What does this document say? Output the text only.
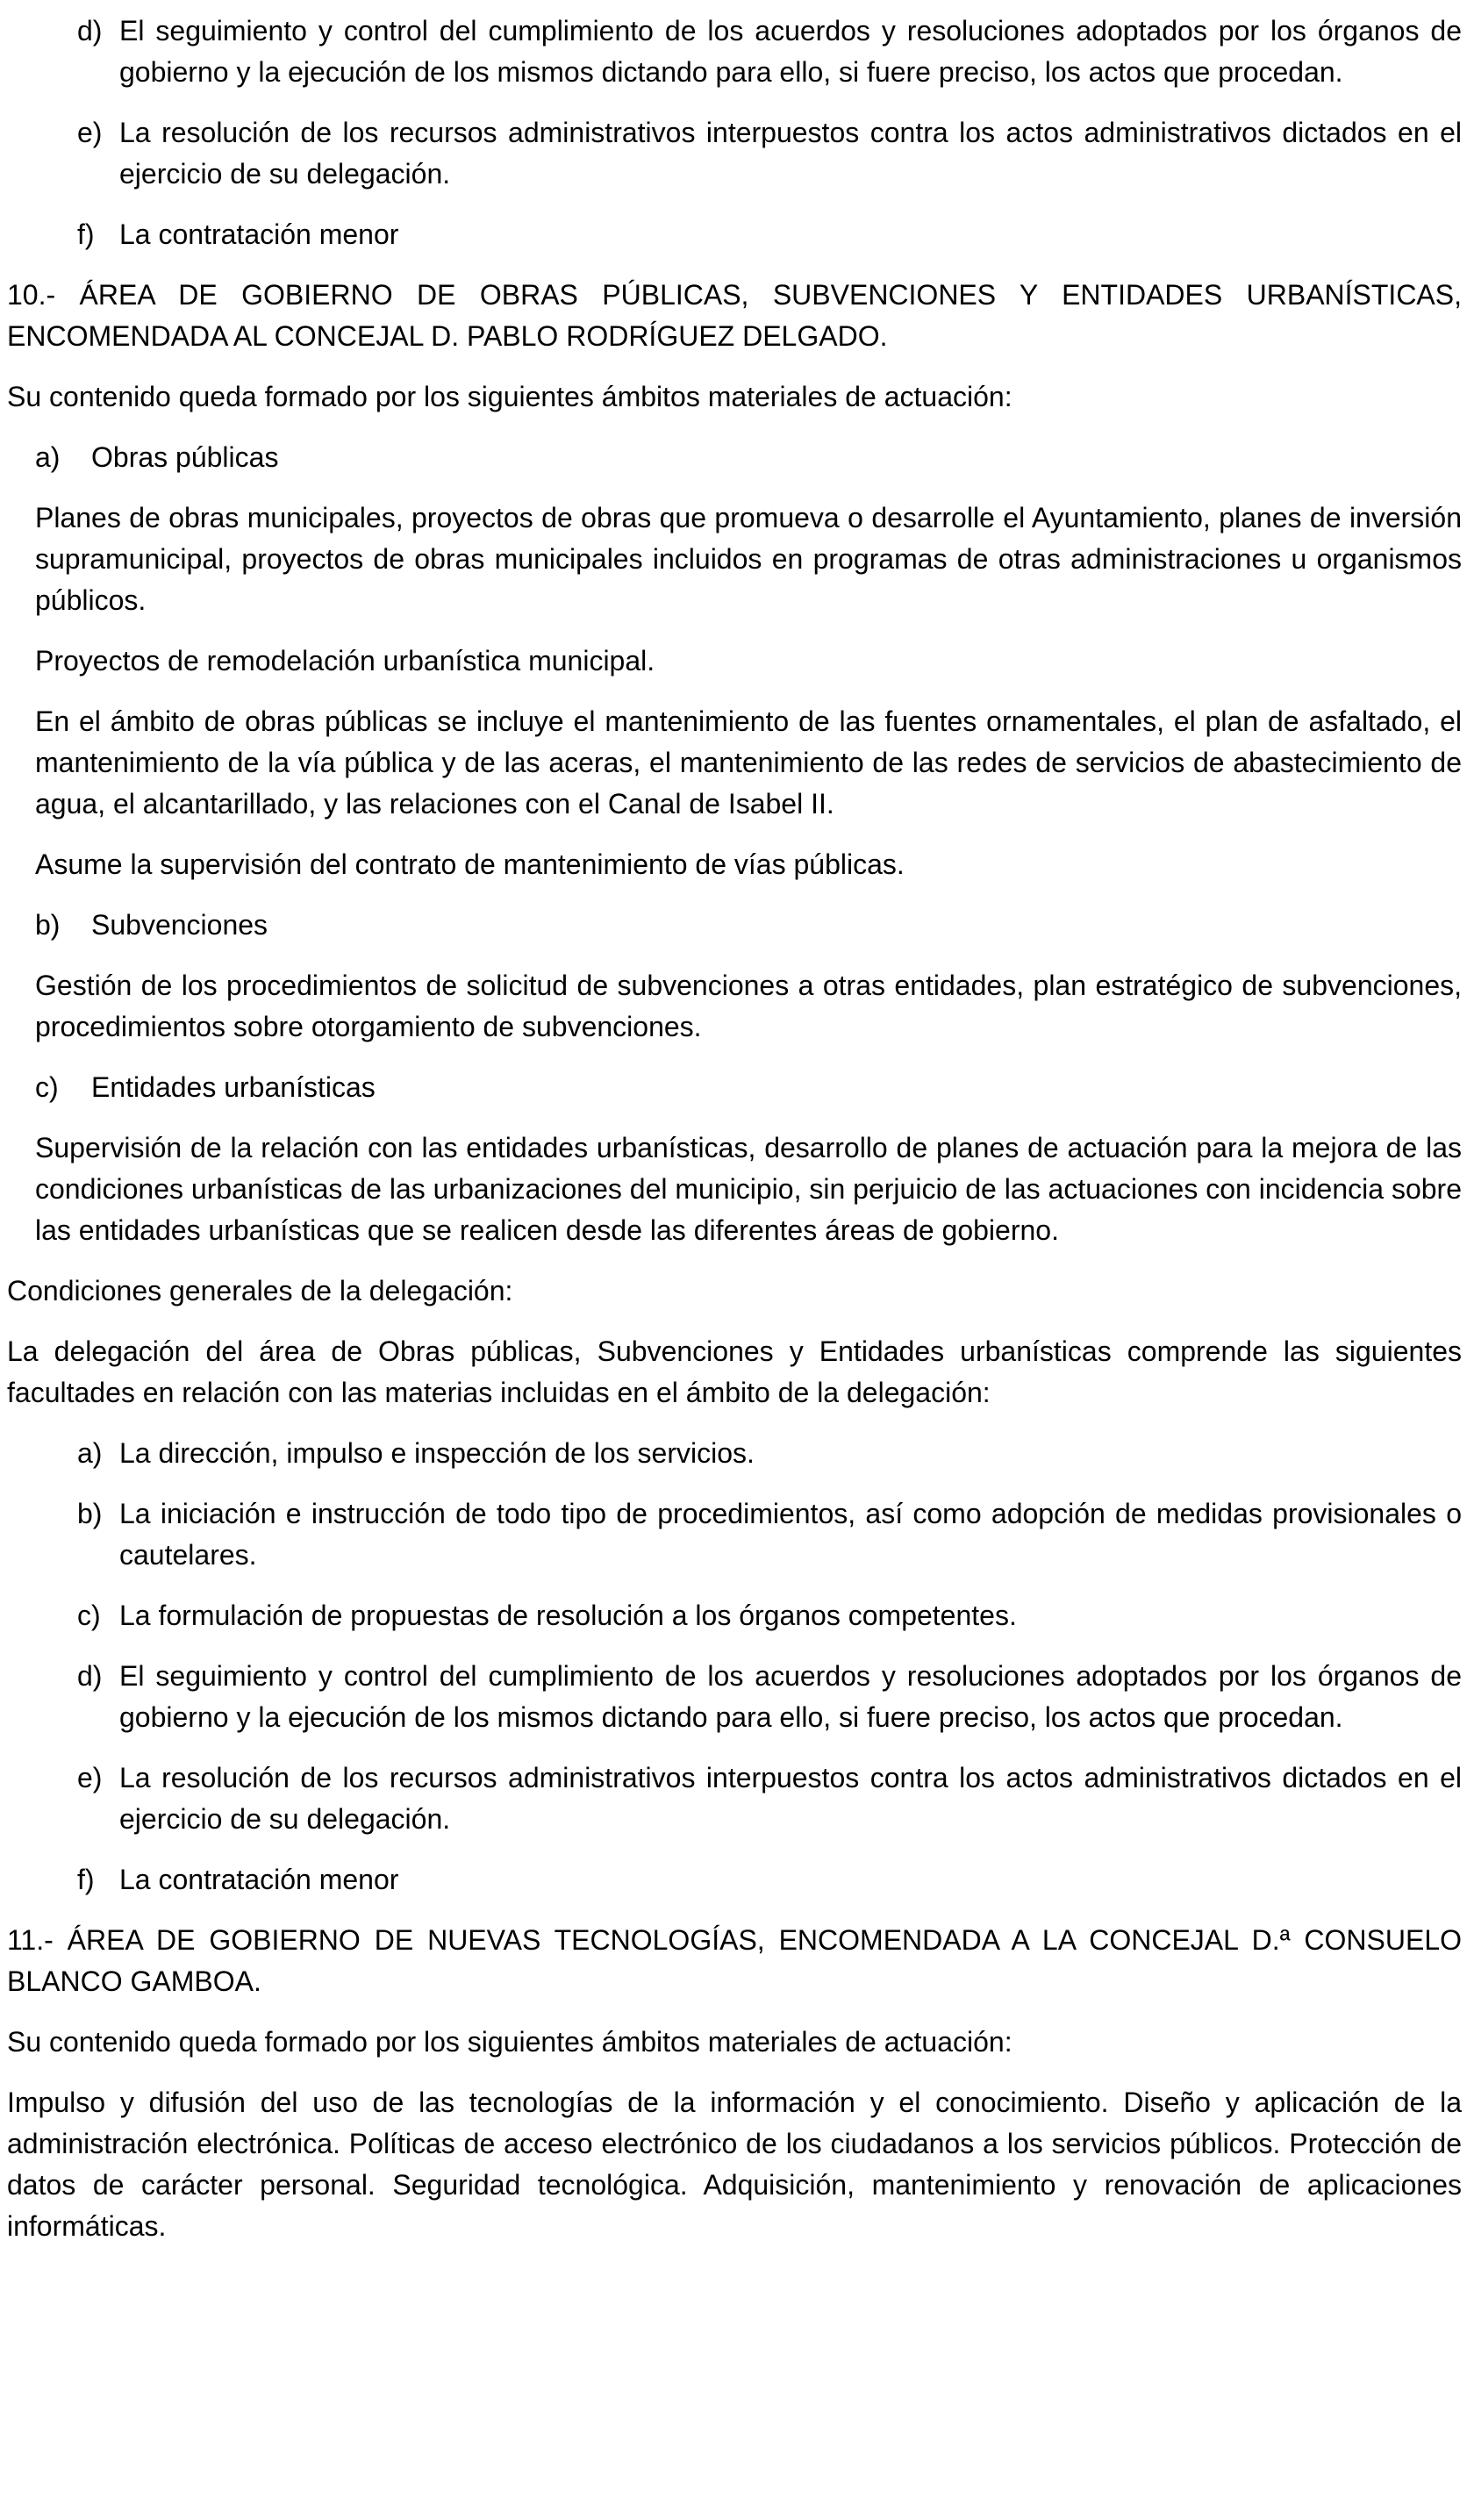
d) El seguimiento y control del cumplimiento de los acuerdos y resoluciones adoptados por los órganos de gobierno y la ejecución de los mismos dictando para ello, si fuere preciso, los actos que procedan.

e) La resolución de los recursos administrativos interpuestos contra los actos administrativos dictados en el ejercicio de su delegación.

f) La contratación menor

10.- ÁREA DE GOBIERNO DE OBRAS PÚBLICAS, SUBVENCIONES Y ENTIDADES URBANÍSTICAS, ENCOMENDADA AL CONCEJAL D. PABLO RODRÍGUEZ DELGADO.

Su contenido queda formado por los siguientes ámbitos materiales de actuación:

a) Obras públicas

Planes de obras municipales, proyectos de obras que promueva o desarrolle el Ayuntamiento, planes de inversión supramunicipal, proyectos de obras municipales incluidos en programas de otras administraciones u organismos públicos.

Proyectos de remodelación urbanística municipal.

En el ámbito de obras públicas se incluye el mantenimiento de las fuentes ornamentales, el plan de asfaltado, el mantenimiento de la vía pública y de las aceras, el mantenimiento de las redes de servicios de abastecimiento de agua, el alcantarillado, y las relaciones con el Canal de Isabel II.

Asume la supervisión del contrato de mantenimiento de vías públicas.

b) Subvenciones

Gestión de los procedimientos de solicitud de subvenciones a otras entidades, plan estratégico de subvenciones, procedimientos sobre otorgamiento de subvenciones.

c) Entidades urbanísticas

Supervisión de la relación con las entidades urbanísticas, desarrollo de planes de actuación para la mejora de las condiciones urbanísticas de las urbanizaciones del municipio, sin perjuicio de las actuaciones con incidencia sobre las entidades urbanísticas que se realicen desde las diferentes áreas de gobierno.

Condiciones generales de la delegación:

La delegación del área de Obras públicas, Subvenciones y Entidades urbanísticas comprende las siguientes facultades en relación con las materias incluidas en el ámbito de la delegación:

a) La dirección, impulso e inspección de los servicios.

b) La iniciación e instrucción de todo tipo de procedimientos, así como adopción de medidas provisionales o cautelares.

c) La formulación de propuestas de resolución a los órganos competentes.

d) El seguimiento y control del cumplimiento de los acuerdos y resoluciones adoptados por los órganos de gobierno y la ejecución de los mismos dictando para ello, si fuere preciso, los actos que procedan.

e) La resolución de los recursos administrativos interpuestos contra los actos administrativos dictados en el ejercicio de su delegación.

f) La contratación menor

11.- ÁREA DE GOBIERNO DE NUEVAS TECNOLOGÍAS, ENCOMENDADA A LA CONCEJAL D.ª CONSUELO BLANCO GAMBOA.

Su contenido queda formado por los siguientes ámbitos materiales de actuación:

Impulso y difusión del uso de las tecnologías de la información y el conocimiento. Diseño y aplicación de la administración electrónica. Políticas de acceso electrónico de los ciudadanos a los servicios públicos. Protección de datos de carácter personal. Seguridad tecnológica. Adquisición, mantenimiento y renovación de aplicaciones informáticas.
